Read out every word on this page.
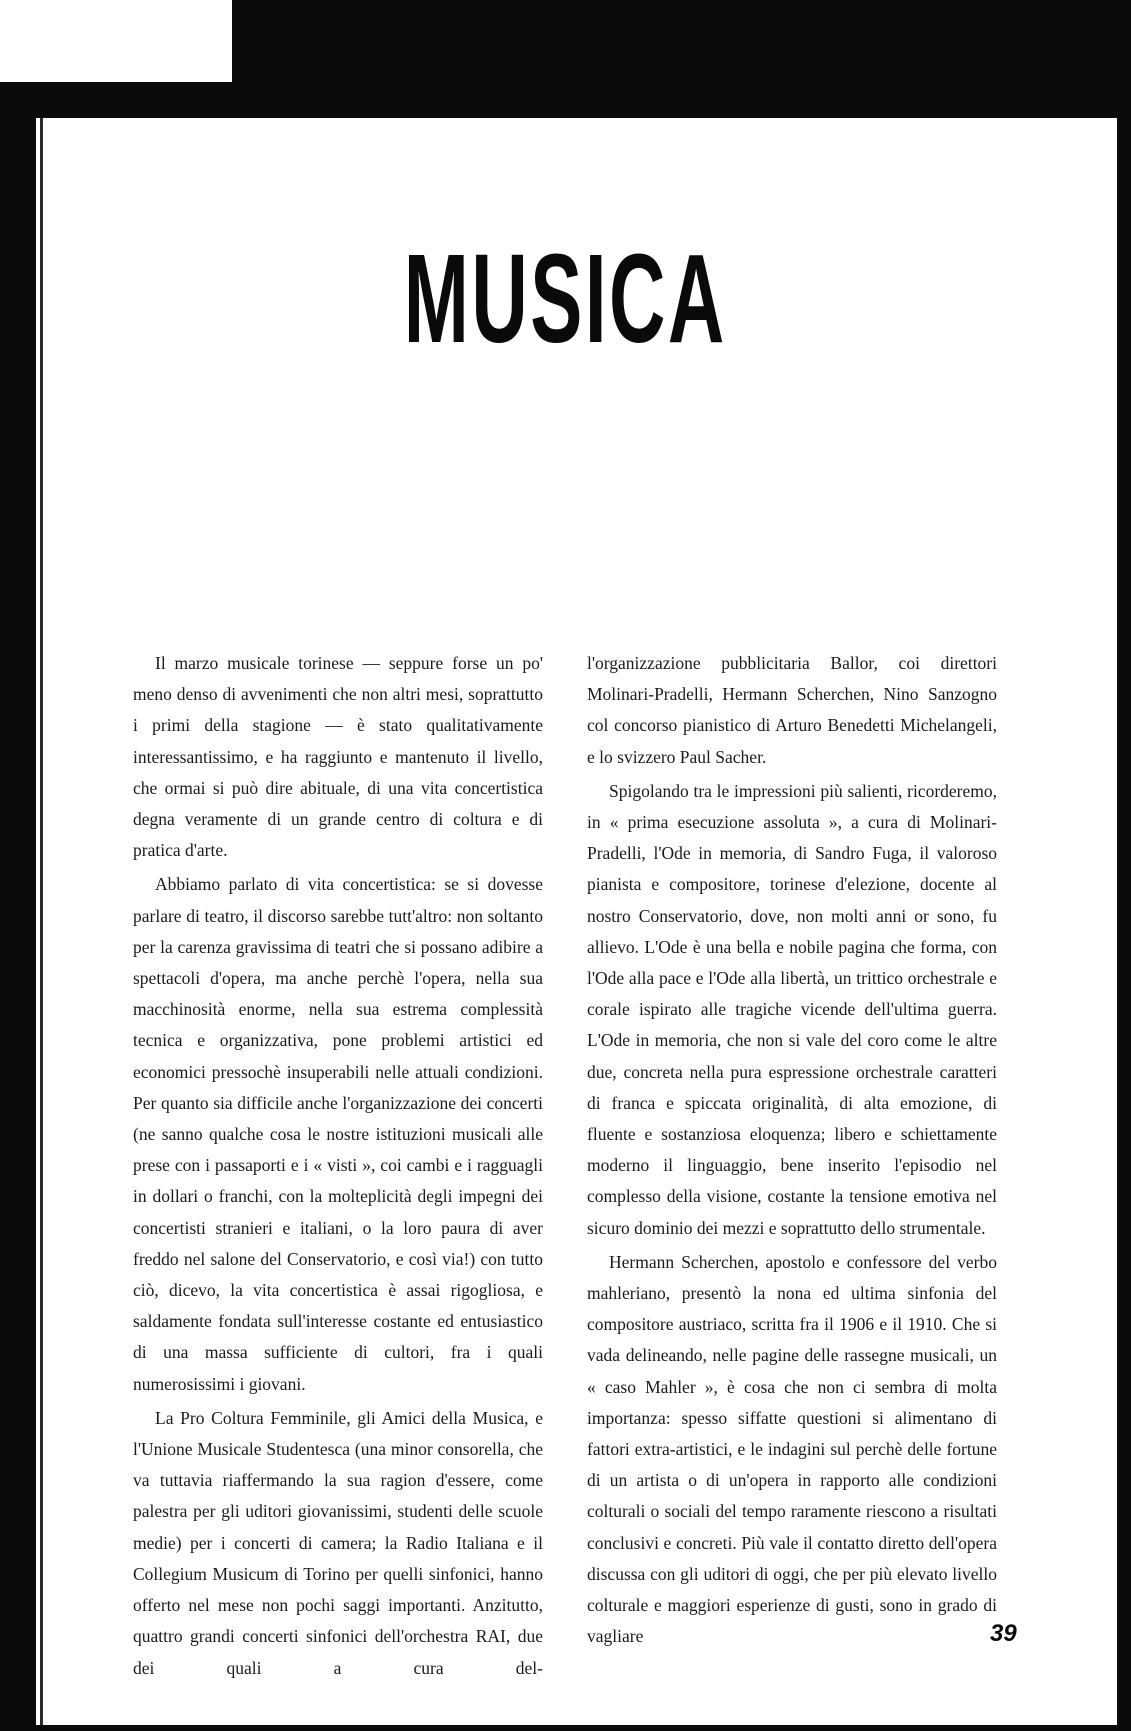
MUSICA

Il marzo musicale torinese — seppure forse un po' meno denso di avvenimenti che non altri mesi, soprattutto i primi della stagione — è stato qualitativamente interessantissimo, e ha raggiunto e mantenuto il livello, che ormai si può dire abituale, di una vita concertistica degna veramente di un grande centro di coltura e di pratica d'arte.

Abbiamo parlato di vita concertistica: se si dovesse parlare di teatro, il discorso sarebbe tutt'altro: non soltanto per la carenza gravissima di teatri che si possano adibire a spettacoli d'opera, ma anche perchè l'opera, nella sua macchinosità enorme, nella sua estrema complessità tecnica e organizzativa, pone problemi artistici ed economici pressochè insuperabili nelle attuali condizioni. Per quanto sia difficile anche l'organizzazione dei concerti (ne sanno qualche cosa le nostre istituzioni musicali alle prese con i passaporti e i « visti », coi cambi e i ragguagli in dollari o franchi, con la molteplicità degli impegni dei concertisti stranieri e italiani, o la loro paura di aver freddo nel salone del Conservatorio, e così via!) con tutto ciò, dicevo, la vita concertistica è assai rigogliosa, e saldamente fondata sull'interesse costante ed entusiastico di una massa sufficiente di cultori, fra i quali numerosissimi i giovani.

La Pro Coltura Femminile, gli Amici della Musica, e l'Unione Musicale Studentesca (una minor consorella, che va tuttavia riaffermando la sua ragion d'essere, come palestra per gli uditori giovanissimi, studenti delle scuole medie) per i concerti di camera; la Radio Italiana e il Collegium Musicum di Torino per quelli sinfonici, hanno offerto nel mese non pochi saggi importanti. Anzitutto, quattro grandi concerti sinfonici dell'orchestra RAI, due dei quali a cura del-

l'organizzazione pubblicitaria Ballor, coi direttori Molinari-Pradelli, Hermann Scherchen, Nino Sanzogno col concorso pianistico di Arturo Benedetti Michelangeli, e lo svizzero Paul Sacher.

Spigolando tra le impressioni più salienti, ricorderemo, in « prima esecuzione assoluta », a cura di Molinari-Pradelli, l'Ode in memoria, di Sandro Fuga, il valoroso pianista e compositore, torinese d'elezione, docente al nostro Conservatorio, dove, non molti anni or sono, fu allievo. L'Ode è una bella e nobile pagina che forma, con l'Ode alla pace e l'Ode alla libertà, un trittico orchestrale e corale ispirato alle tragiche vicende dell'ultima guerra. L'Ode in memoria, che non si vale del coro come le altre due, concreta nella pura espressione orchestrale caratteri di franca e spiccata originalità, di alta emozione, di fluente e sostanziosa eloquenza; libero e schiettamente moderno il linguaggio, bene inserito l'episodio nel complesso della visione, costante la tensione emotiva nel sicuro dominio dei mezzi e soprattutto dello strumentale.

Hermann Scherchen, apostolo e confessore del verbo mahleriano, presentò la nona ed ultima sinfonia del compositore austriaco, scritta fra il 1906 e il 1910. Che si vada delineando, nelle pagine delle rassegne musicali, un « caso Mahler », è cosa che non ci sembra di molta importanza: spesso siffatte questioni si alimentano di fattori extra-artistici, e le indagini sul perchè delle fortune di un artista o di un'opera in rapporto alle condizioni colturali o sociali del tempo raramente riescono a risultati conclusivi e concreti. Più vale il contatto diretto dell'opera discussa con gli uditori di oggi, che per più elevato livello colturale e maggiori esperienze di gusti, sono in grado di vagliare	39
